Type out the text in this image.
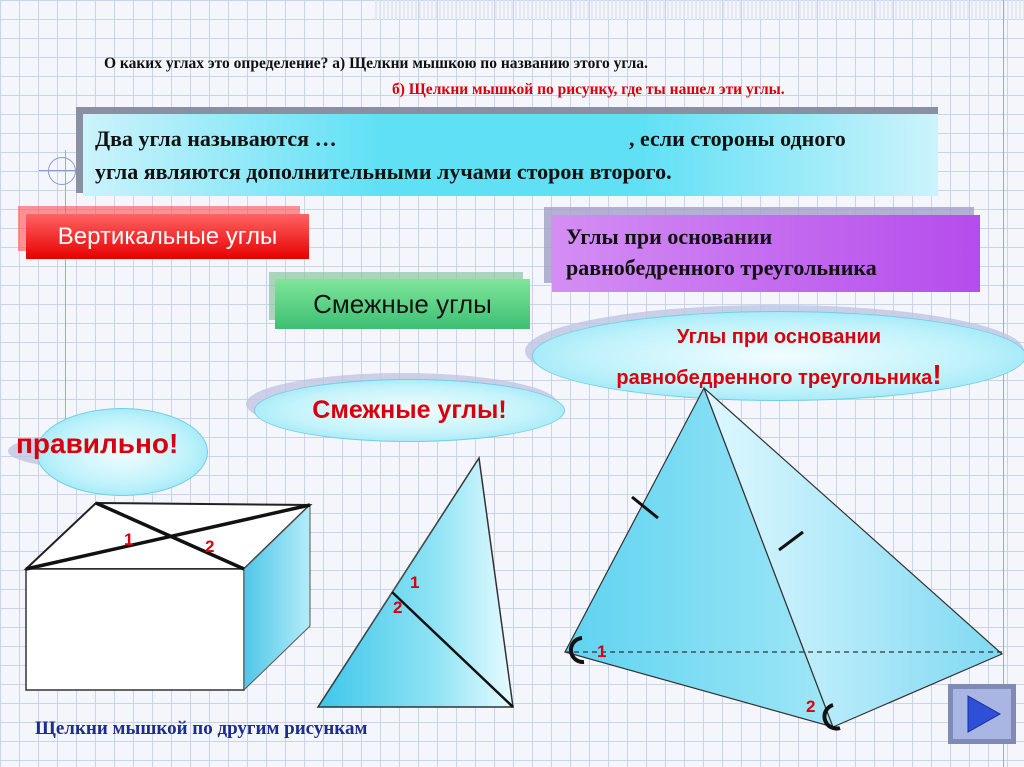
О каких углах это определение? а) Щелкни мышкою по названию этого угла.
б) Щелкни мышкой по рисунку, где ты нашел эти углы.
Два угла называются …	, если стороны одного
угла являются дополнительными лучами сторон второго.
Вертикальные углы
Смежные углы
Углы при основании
равнобедренного треугольника
Углы при основании
равнобедренного треугольника!
Смежные углы!
правильно!
1	2
1
2
1
2
Щелкни мышкой по другим рисункам
